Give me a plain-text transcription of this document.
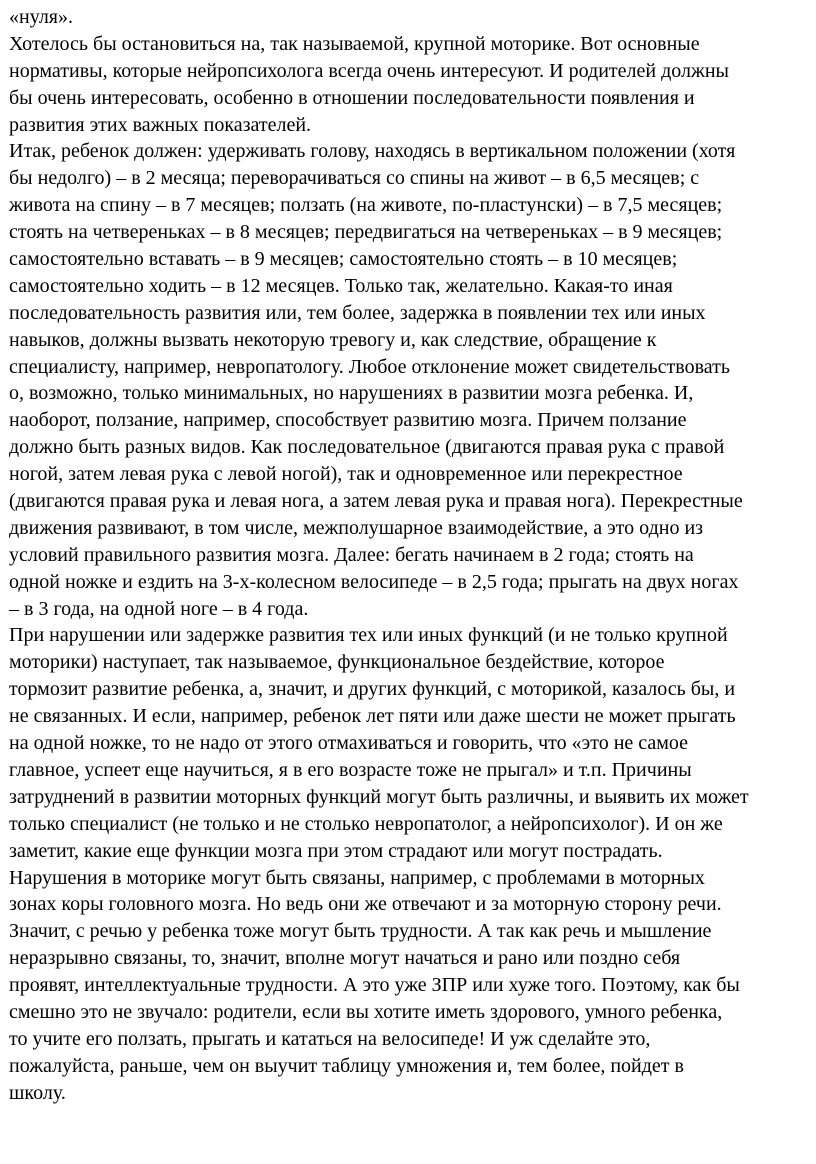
«нуля».
Хотелось бы остановиться на, так называемой, крупной моторике. Вот основные
нормативы, которые нейропсихолога всегда очень интересуют. И родителей должны
бы очень интересовать, особенно в отношении последовательности появления и
развития этих важных показателей.
Итак, ребенок должен: удерживать голову, находясь в вертикальном положении (хотя
бы недолго) – в 2 месяца; переворачиваться со спины на живот – в 6,5 месяцев; с
живота на спину – в 7 месяцев; ползать (на животе, по-пластунски) – в 7,5 месяцев;
стоять на четвереньках – в 8 месяцев; передвигаться на четвереньках – в 9 месяцев;
самостоятельно вставать – в 9 месяцев; самостоятельно стоять – в 10 месяцев;
самостоятельно ходить – в 12 месяцев. Только так, желательно. Какая-то иная
последовательность развития или, тем более, задержка в появлении тех или иных
навыков, должны вызвать некоторую тревогу и, как следствие, обращение к
специалисту, например, невропатологу. Любое отклонение может свидетельствовать
о, возможно, только минимальных, но нарушениях в развитии мозга ребенка. И,
наоборот, ползание, например, способствует развитию мозга. Причем ползание
должно быть разных видов. Как последовательное (двигаются правая рука с правой
ногой, затем левая рука с левой ногой), так и одновременное или перекрестное
(двигаются правая рука и левая нога, а затем левая рука и правая нога). Перекрестные
движения развивают, в том числе, межполушарное взаимодействие, а это одно из
условий правильного развития мозга. Далее: бегать начинаем в 2 года; стоять на
одной ножке и ездить на 3-х-колесном велосипеде – в 2,5 года; прыгать на двух ногах
– в 3 года, на одной ноге – в 4 года.
При нарушении или задержке развития тех или иных функций (и не только крупной
моторики) наступает, так называемое, функциональное бездействие, которое
тормозит развитие ребенка, а, значит, и других функций, с моторикой, казалось бы, и
не связанных. И если, например, ребенок лет пяти или даже шести не может прыгать
на одной ножке, то не надо от этого отмахиваться и говорить, что «это не самое
главное, успеет еще научиться, я в его возрасте тоже не прыгал» и т.п. Причины
затруднений в развитии моторных функций могут быть различны, и выявить их может
только специалист (не только и не столько невропатолог, а нейропсихолог). И он же
заметит, какие еще функции мозга при этом страдают или могут пострадать.
Нарушения в моторике могут быть связаны, например, с проблемами в моторных
зонах коры головного мозга. Но ведь они же отвечают и за моторную сторону речи.
Значит, с речью у ребенка тоже могут быть трудности. А так как речь и мышление
неразрывно связаны, то, значит, вполне могут начаться и рано или поздно себя
проявят, интеллектуальные трудности. А это уже ЗПР или хуже того. Поэтому, как бы
смешно это не звучало: родители, если вы хотите иметь здорового, умного ребенка,
то учите его ползать, прыгать и кататься на велосипеде! И уж сделайте это,
пожалуйста, раньше, чем он выучит таблицу умножения и, тем более, пойдет в
школу.
